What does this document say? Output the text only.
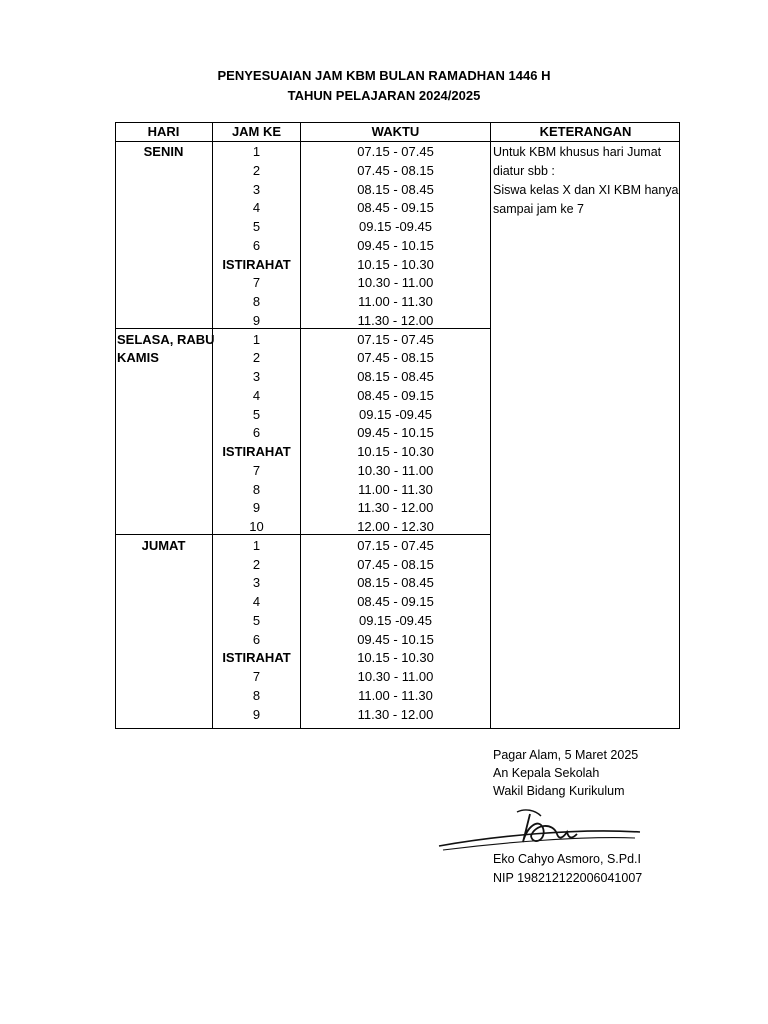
PENYESUAIAN JAM KBM BULAN RAMADHAN 1446 H
TAHUN PELAJARAN 2024/2025
HARI	JAM KE	WAKTU	KETERANGAN
SENIN	1	07.15 - 07.45
2	07.45 - 08.15
3	08.15 - 08.45
4	08.45 - 09.15
5	09.15 -09.45
6	09.45 - 10.15
ISTIRAHAT	10.15 - 10.30
7	10.30 - 11.00
8	11.00 - 11.30
9	11.30 - 12.00
SELASA, RABU
KAMIS
1	07.15 - 07.45
2	07.45 - 08.15
3	08.15 - 08.45
4	08.45 - 09.15
5	09.15 -09.45
6	09.45 - 10.15
ISTIRAHAT	10.15 - 10.30
7	10.30 - 11.00
8	11.00 - 11.30
9	11.30 - 12.00
10	12.00 - 12.30
JUMAT	1	07.15 - 07.45
2	07.45 - 08.15
3	08.15 - 08.45
4	08.45 - 09.15
5	09.15 -09.45
6	09.45 - 10.15
ISTIRAHAT	10.15 - 10.30
7	10.30 - 11.00
8	11.00 - 11.30
9	11.30 - 12.00
Untuk KBM khusus hari Jumat
diatur sbb :
Siswa kelas X dan XI KBM hanya
sampai jam ke 7
Pagar Alam, 5 Maret 2025
An Kepala Sekolah
Wakil Bidang Kurikulum
Eko Cahyo Asmoro, S.Pd.I
NIP 198212122006041007
